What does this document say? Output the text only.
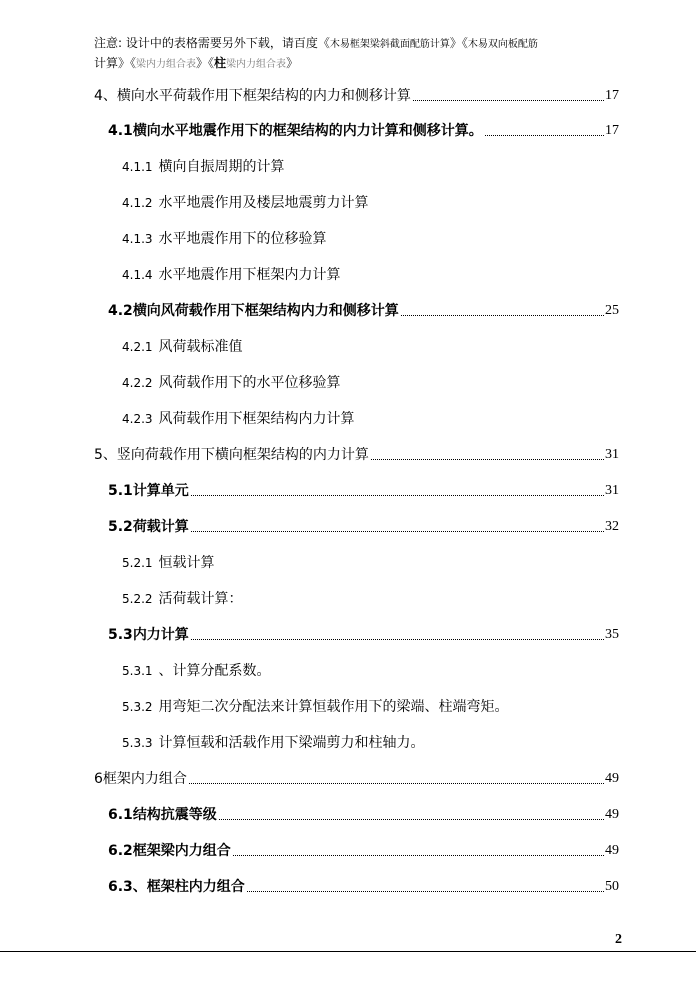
注意: 设计中的表格需要另外下载，请百度《木易框架梁斜截面配筋计算》《木易双向板配筋
计算》《梁内力组合表》《柱梁内力组合表》
4、 横向水平荷载作用下框架结构的内力和侧移计算	17
4.1 横向水平地震作用下的框架结构的内力计算和侧移计算。	17
4.1.1 横向自振周期的计算
4.1.2 水平地震作用及楼层地震剪力计算
4.1.3 水平地震作用下的位移验算
4.1.4 水平地震作用下框架内力计算
4.2 横向风荷载作用下框架结构内力和侧移计算	25
4.2.1 风荷载标准值
4.2.2 风荷载作用下的水平位移验算
4.2.3 风荷载作用下框架结构内力计算
5、 竖向荷载作用下横向框架结构的内力计算	31
5.1 计算单元	31
5.2 荷载计算	32
5.2.1 恒载计算
5.2.2 活荷载计算：
5.3 内力计算	35
5.3.1 、计算分配系数。
5.3.2 用弯矩二次分配法来计算恒载作用下的梁端、柱端弯矩。
5.3.3 计算恒载和活载作用下梁端剪力和柱轴力。
6 框架内力组合	49
6.1 结构抗震等级	49
6.2 框架梁内力组合	49
6.3、 框架柱内力组合	50
2
